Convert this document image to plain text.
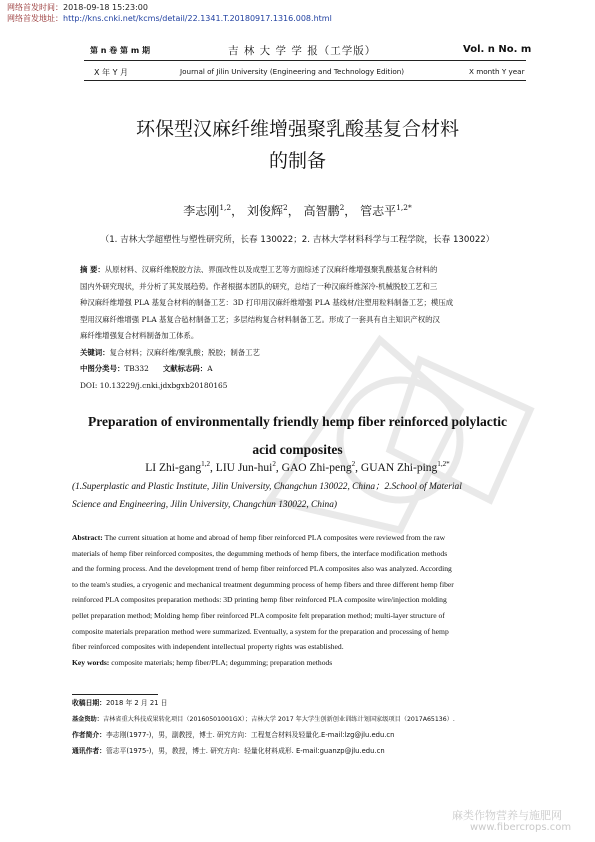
网络首发时间：2018-09-18 15:23:00
网络首发地址：http://kns.cnki.net/kcms/detail/22.1341.T.20180917.1316.008.html
第 n 卷 第 m 期	吉 林 大 学 学 报（工学版）	Vol. n No. m
X 年 Y 月	Journal of Jilin University (Engineering and Technology Edition)	X month Y year
环保型汉麻纤维增强聚乳酸基复合材料
的制备
李志刚$^{1,2}$， 刘俊辉$^2$， 高智鹏$^2$， 管志平$^{1,2*}$
（1. 吉林大学超塑性与塑性研究所，长春 130022；2. 吉林大学材料科学与工程学院，长春 130022）
摘 要：从原材料、汉麻纤维脱胶方法、界面改性以及成型工艺等方面综述了汉麻纤维增强聚乳酸基复合材料的
国内外研究现状，并分析了其发展趋势。作者根据本团队的研究，总结了一种汉麻纤维深冷-机械脱胶工艺和三
种汉麻纤维增强 PLA 基复合材料的制备工艺：3D 打印用汉麻纤维增强 PLA 基线材/注塑用粒料制备工艺；模压成
型用汉麻纤维增强 PLA 基复合毡材制备工艺；多层结构复合材料制备工艺。形成了一套具有自主知识产权的汉
麻纤维增强复合材料制备加工体系。
关键词：复合材料；汉麻纤维/聚乳酸；脱胶；制备工艺
中图分类号：TB332 文献标志码：A
DOI: 10.13229/j.cnki.jdxbgxb20180165
Preparation of environmentally friendly hemp fiber reinforced polylactic
acid composites
LI Zhi-gang$^{1,2}$, LIU Jun-hui$^2$, GAO Zhi-peng$^2$, GUAN Zhi-ping$^{1,2*}$
(1.Superplastic and Plastic Institute, Jilin University, Changchun 130022, China；2.School of Material
Science and Engineering, Jilin University, Changchun 130022, China)
Abstract: The current situation at home and abroad of hemp fiber reinforced PLA composites were reviewed from the raw
materials of hemp fiber reinforced composites, the degumming methods of hemp fibers, the interface modification methods
and the forming process. And the development trend of hemp fiber reinforced PLA composites also was analyzed. According
to the team's studies, a cryogenic and mechanical treatment degumming process of hemp fibers and three different hemp fiber
reinforced PLA composites preparation methods: 3D printing hemp fiber reinforced PLA composite wire/injection molding
pellet preparation method; Molding hemp fiber reinforced PLA composite felt preparation method; multi-layer structure of
composite materials preparation method were summarized. Eventually, a system for the preparation and processing of hemp
fiber reinforced composites with independent intellectual property rights was established.
Key words: composite materials; hemp fiber/PLA; degumming; preparation methods
收稿日期：2018 年 2 月 21 日
基金资助：吉林省重大科技成果转化项目（20160501001GX）；吉林大学 2017 年大学生创新创业训练计划国家级项目（2017A65136）.
作者简介：李志刚(1977-)，男，副教授，博士. 研究方向：工程复合材料及轻量化.E-mail:lzg@jlu.edu.cn
通讯作者：管志平(1975-)，男，教授，博士. 研究方向：轻量化材料成形. E-mail:guanzp@jlu.edu.cn
麻类作物营养与施肥网
www.fibercrops.com
